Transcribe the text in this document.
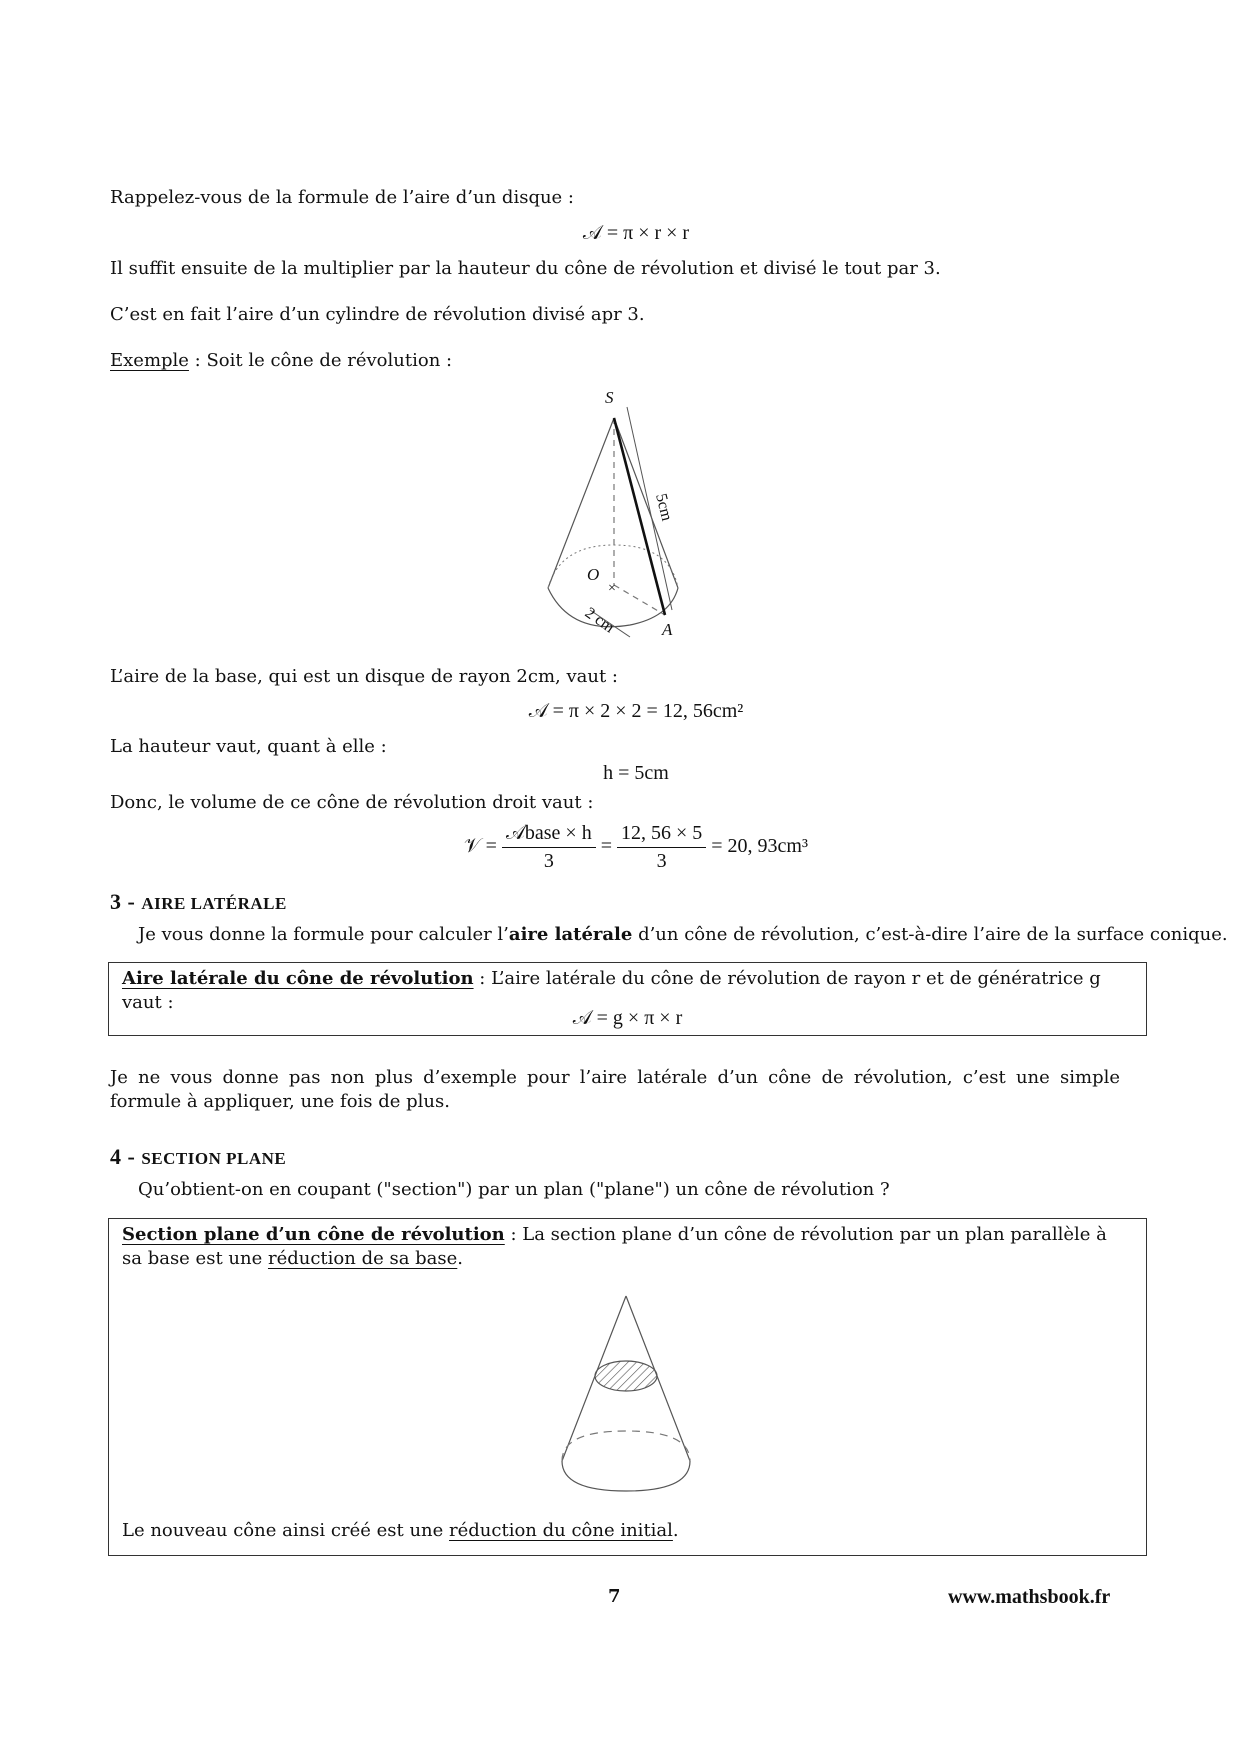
Rappelez-vous de la formule de l’aire d’un disque :
𝒜 = π × r × r
Il suffit ensuite de la multiplier par la hauteur du cône de révolution et divisé le tout par 3.
C’est en fait l’aire d’un cylindre de révolution divisé apr 3.
Exemple : Soit le cône de révolution :
×
S
O
A
5cm
2 cm
L’aire de la base, qui est un disque de rayon 2cm, vaut :
𝒜 = π × 2 × 2 = 12, 56cm²
La hauteur vaut, quant à elle :
h = 5cm
Donc, le volume de ce cône de révolution droit vaut :
𝒱 = $\frac{\text{𝒜base × h}}{3} = \frac{12, 56 \times 5}{3} = 20$, 93cm³
3 - AIRE LATÉRALE
Je vous donne la formule pour calculer l’aire latérale d’un cône de révolution, c’est-à-dire l’aire de la surface conique.
Aire latérale du cône de révolution : L’aire latérale du cône de révolution de rayon r et de génératrice g vaut :
𝒜 = g × π × r
Je ne vous donne pas non plus d’exemple pour l’aire latérale d’un cône de révolution, c’est une simple formule à appliquer, une fois de plus.
4 - SECTION PLANE
Qu’obtient-on en coupant ("section") par un plan ("plane") un cône de révolution ?
Section plane d’un cône de révolution : La section plane d’un cône de révolution par un plan parallèle à sa base est une réduction de sa base.
Le nouveau cône ainsi créé est une réduction du cône initial.
7	www.mathsbook.fr
